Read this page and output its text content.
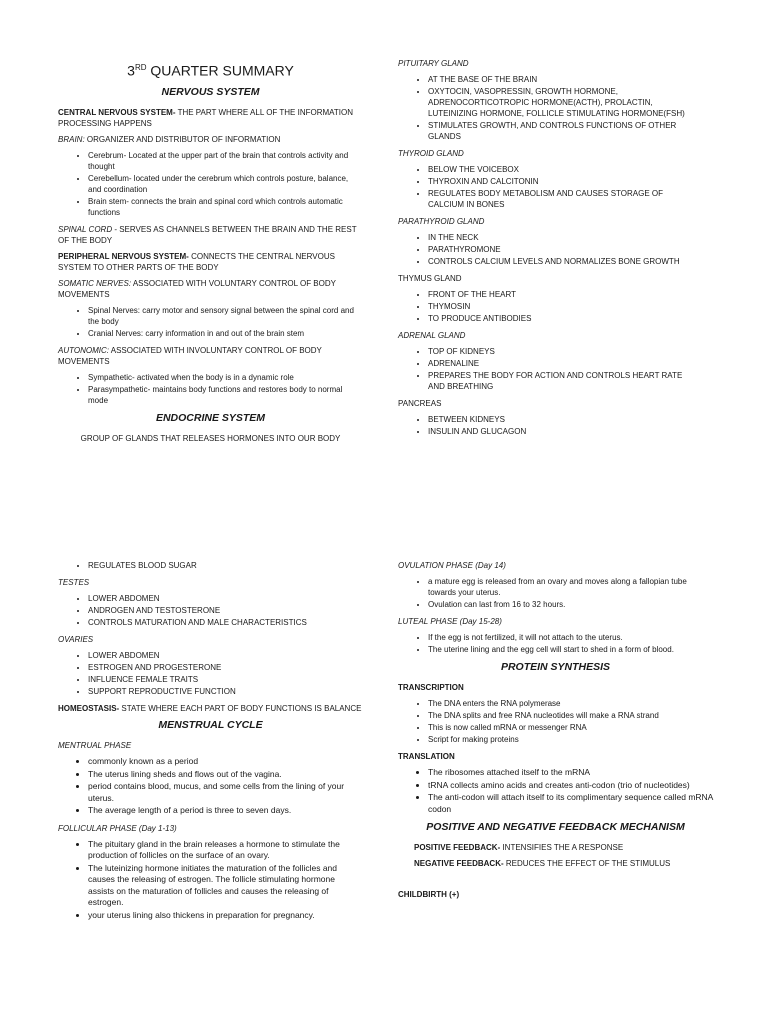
3RD QUARTER SUMMARY
NERVOUS SYSTEM

CENTRAL NERVOUS SYSTEM- THE PART WHERE ALL OF THE INFORMATION PROCESSING HAPPENS

BRAIN: ORGANIZER AND DISTRIBUTOR OF INFORMATION

• Cerebrum- Located at the upper part of the brain that controls activity and thought
• Cerebellum- located under the cerebrum which controls posture, balance, and coordination
• Brain stem- connects the brain and spinal cord which controls automatic functions

SPINAL CORD - SERVES AS CHANNELS BETWEEN THE BRAIN AND THE REST OF THE BODY

PERIPHERAL NERVOUS SYSTEM- CONNECTS THE CENTRAL NERVOUS SYSTEM TO OTHER PARTS OF THE BODY

SOMATIC NERVES: ASSOCIATED WITH VOLUNTARY CONTROL OF BODY MOVEMENTS

• Spinal Nerves: carry motor and sensory signal between the spinal cord and the body
• Cranial Nerves: carry information in and out of the brain stem

AUTONOMIC: ASSOCIATED WITH INVOLUNTARY CONTROL OF BODY MOVEMENTS

• Sympathetic- activated when the body is in a dynamic role
• Parasympathetic- maintains body functions and restores body to normal mode
ENDOCRINE SYSTEM

GROUP OF GLANDS THAT RELEASES HORMONES INTO OUR BODY

PITUITARY GLAND

• AT THE BASE OF THE BRAIN
• OXYTOCIN, VASOPRESSIN, GROWTH HORMONE, ADRENOCORTICOTROPIC HORMONE(ACTH), PROLACTIN, LUTEINIZING HORMONE, FOLLICLE STIMULATING HORMONE(FSH)
• STIMULATES GROWTH, AND CONTROLS FUNCTIONS OF OTHER GLANDS

THYROID GLAND

• BELOW THE VOICEBOX
• THYROXIN AND CALCITONIN
• REGULATES BODY METABOLISM AND CAUSES STORAGE OF CALCIUM IN BONES

PARATHYROID GLAND

• IN THE NECK
• PARATHYROMONE
• CONTROLS CALCIUM LEVELS AND NORMALIZES BONE GROWTH

THYMUS GLAND

• FRONT OF THE HEART
• THYMOSIN
• TO PRODUCE ANTIBODIES

ADRENAL GLAND

• TOP OF KIDNEYS
• ADRENALINE
• PREPARES THE BODY FOR ACTION AND CONTROLS HEART RATE AND BREATHING

PANCREAS

• BETWEEN KIDNEYS
• INSULIN AND GLUCAGON
• REGULATES BLOOD SUGAR

TESTES

• LOWER ABDOMEN
• ANDROGEN AND TESTOSTERONE
• CONTROLS MATURATION AND MALE CHARACTERISTICS

OVARIES

• LOWER ABDOMEN
• ESTROGEN AND PROGESTERONE
• INFLUENCE FEMALE TRAITS
• SUPPORT REPRODUCTIVE FUNCTION

HOMEOSTASIS- STATE WHERE EACH PART OF BODY FUNCTIONS IS BALANCE

MENSTRUAL CYCLE

MENTRUAL PHASE

• commonly known as a period
• The uterus lining sheds and flows out of the vagina.
• period contains blood, mucus, and some cells from the lining of your uterus.
• The average length of a period is three to seven days.

FOLLICULAR PHASE (Day 1-13)

• The pituitary gland in the brain releases a hormone to stimulate the production of follicles on the surface of an ovary.
• The luteinizing hormone initiates the maturation of the follicles and causes the releasing of estrogen. The follicle stimulating hormone assists on the maturation of follicles and causes the releasing of estrogen.
• your uterus lining also thickens in preparation for pregnancy.

OVULATION PHASE (Day 14)

• a mature egg is released from an ovary and moves along a fallopian tube towards your uterus.
• Ovulation can last from 16 to 32 hours.

LUTEAL PHASE (Day 15-28)

• If the egg is not fertilized, it will not attach to the uterus.
• The uterine lining and the egg cell will start to shed in a form of blood.
PROTEIN SYNTHESIS

TRANSCRIPTION

• The DNA enters the RNA polymerase
• The DNA splits and free RNA nucleotides will make a RNA strand
• This is now called mRNA or messenger RNA
• Script for making proteins

TRANSLATION

• The ribosomes attached itself to the mRNA
• tRNA collects amino acids and creates anti-codon (trio of nucleotides)
• The anti-codon will attach itself to its complimentary sequence called mRNA codon
POSITIVE AND NEGATIVE FEEDBACK MECHANISM

POSITIVE FEEDBACK- INTENSIFIES THE A RESPONSE

NEGATIVE FEEDBACK- REDUCES THE EFFECT OF THE STIMULUS

CHILDBIRTH (+)
